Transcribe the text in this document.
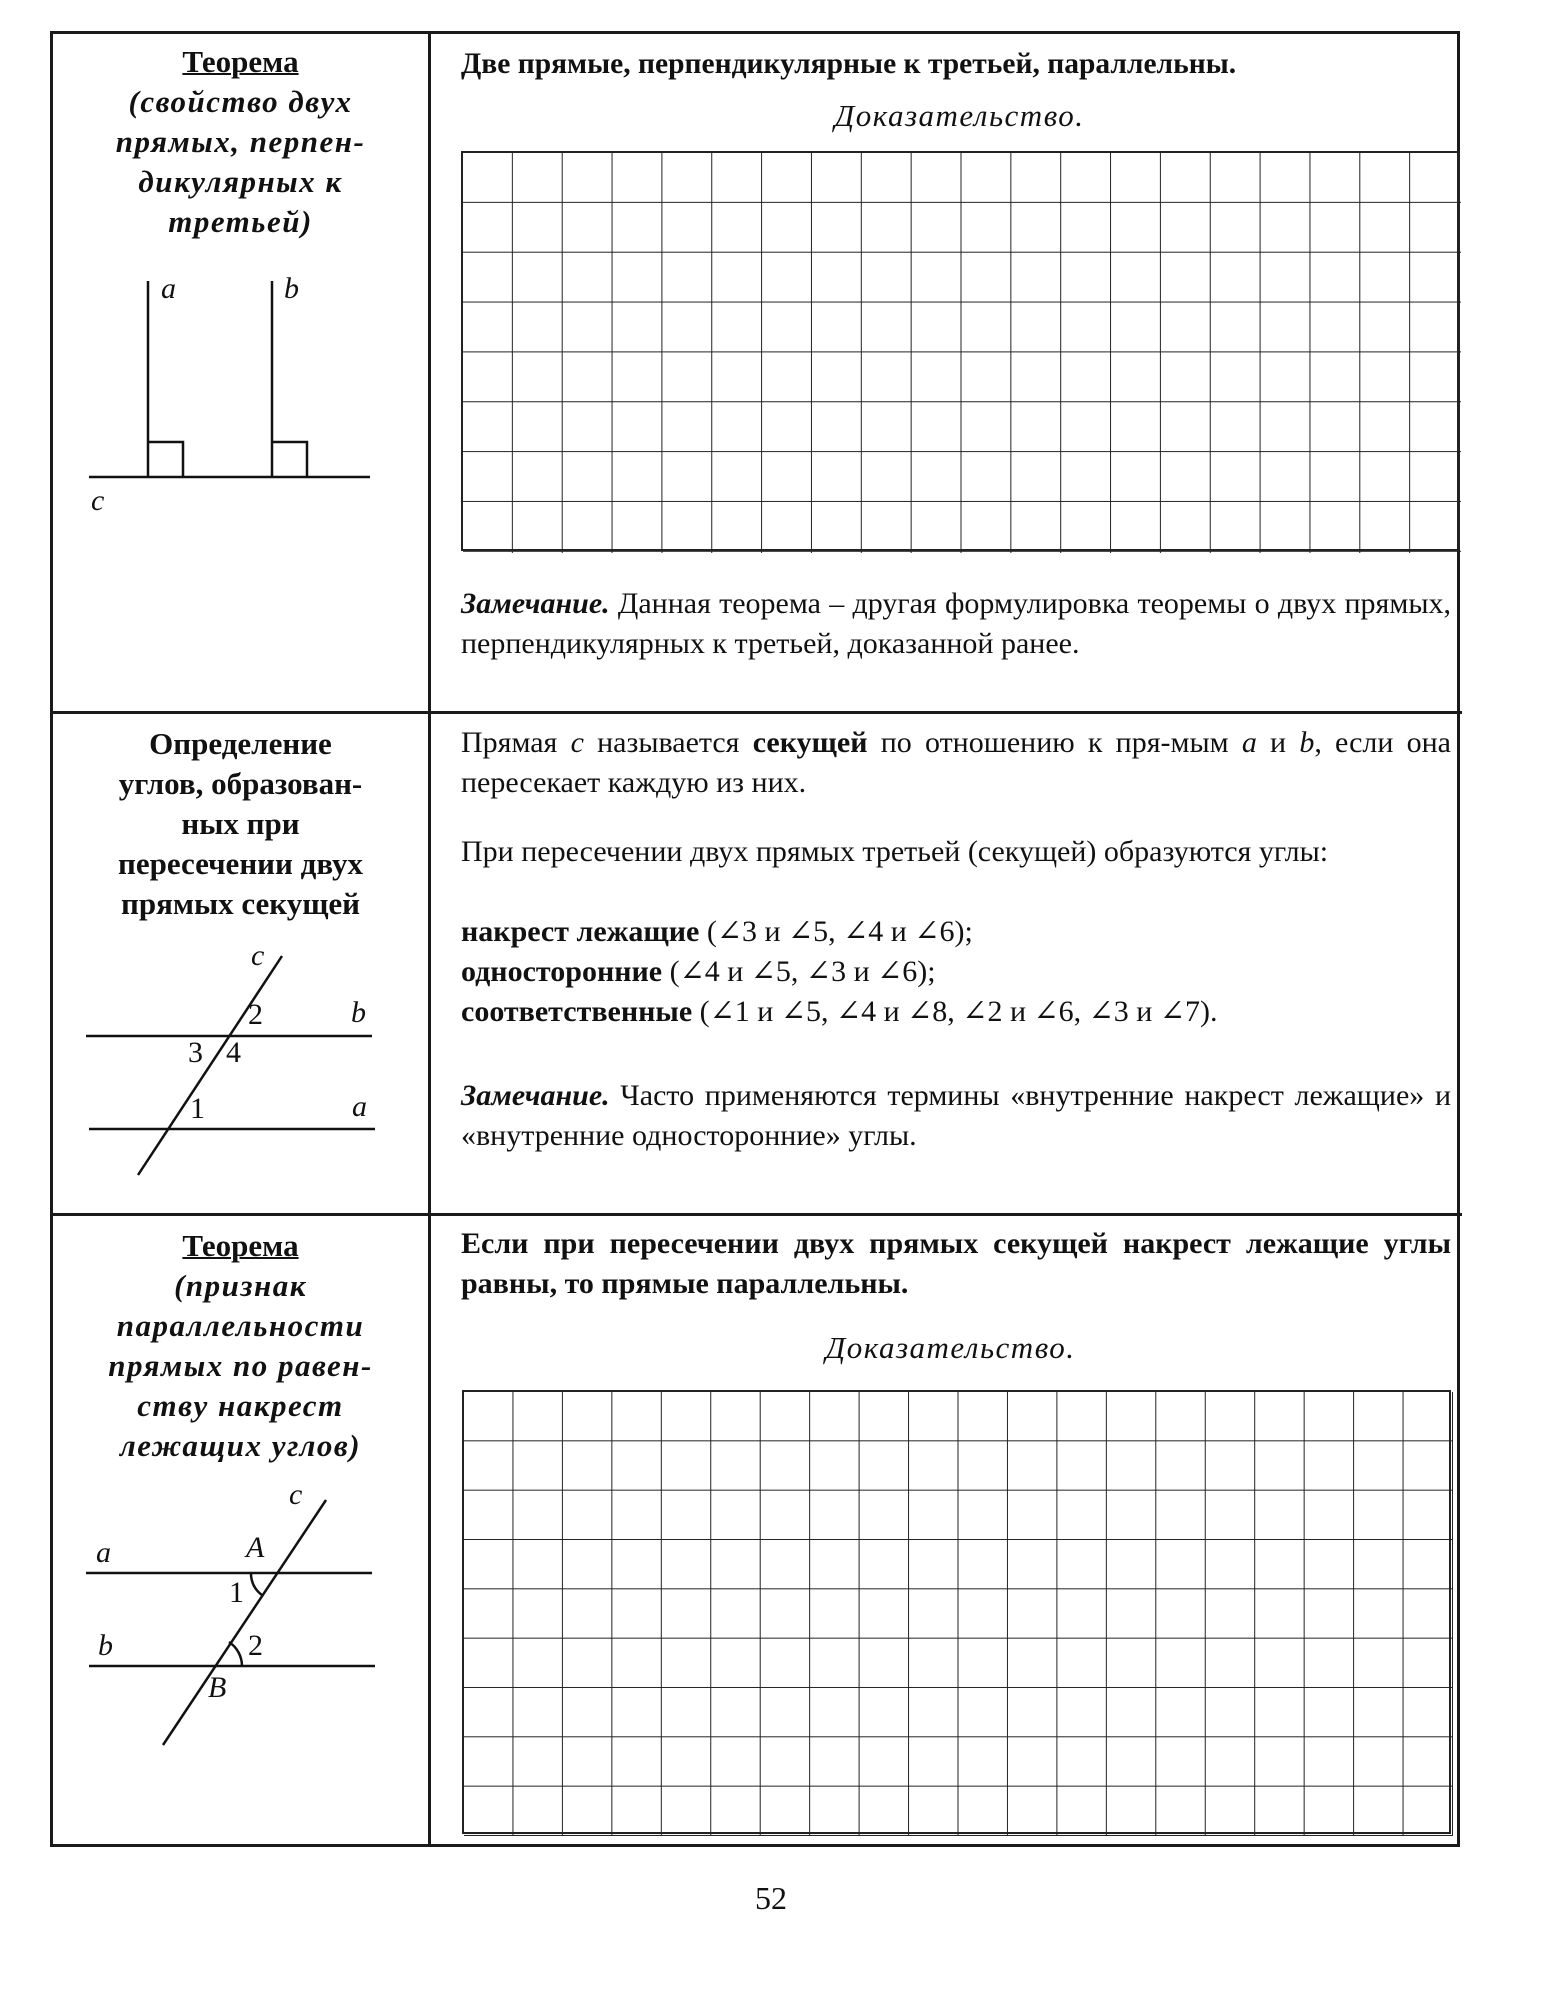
Теорема
(свойство двух
прямых, перпен-
дикулярных к
третьей)
a	b
c
Две прямые, перпендикулярные к третьей, параллельны.
Доказательство.
Замечание. Данная теорема – другая формулировка теоремы о двух прямых, перпендикулярных к третьей, доказанной ранее.
Определение
углов, образован-
ных при
пересечении двух
прямых секущей
c
b
a
2
3 4
1
Прямая c называется секущей по отношению к пря-мым a и b, если она пересекает каждую из них.
При пересечении двух прямых третьей (секущей) образуются углы:
накрест лежащие (∠3 и ∠5, ∠4 и ∠6);
односторонние (∠4 и ∠5, ∠3 и ∠6);
соответственные (∠1 и ∠5, ∠4 и ∠8, ∠2 и ∠6, ∠3 и ∠7).
Замечание. Часто применяются термины «внутренние накрест лежащие» и «внутренние односторонние» углы.
Теорема
(признак
параллельности
прямых по равен-
ству накрест
лежащих углов)
c
a
b
A
B
1
2
Если при пересечении двух прямых секущей накрест лежащие углы равны, то прямые параллельны.
Доказательство.
52
